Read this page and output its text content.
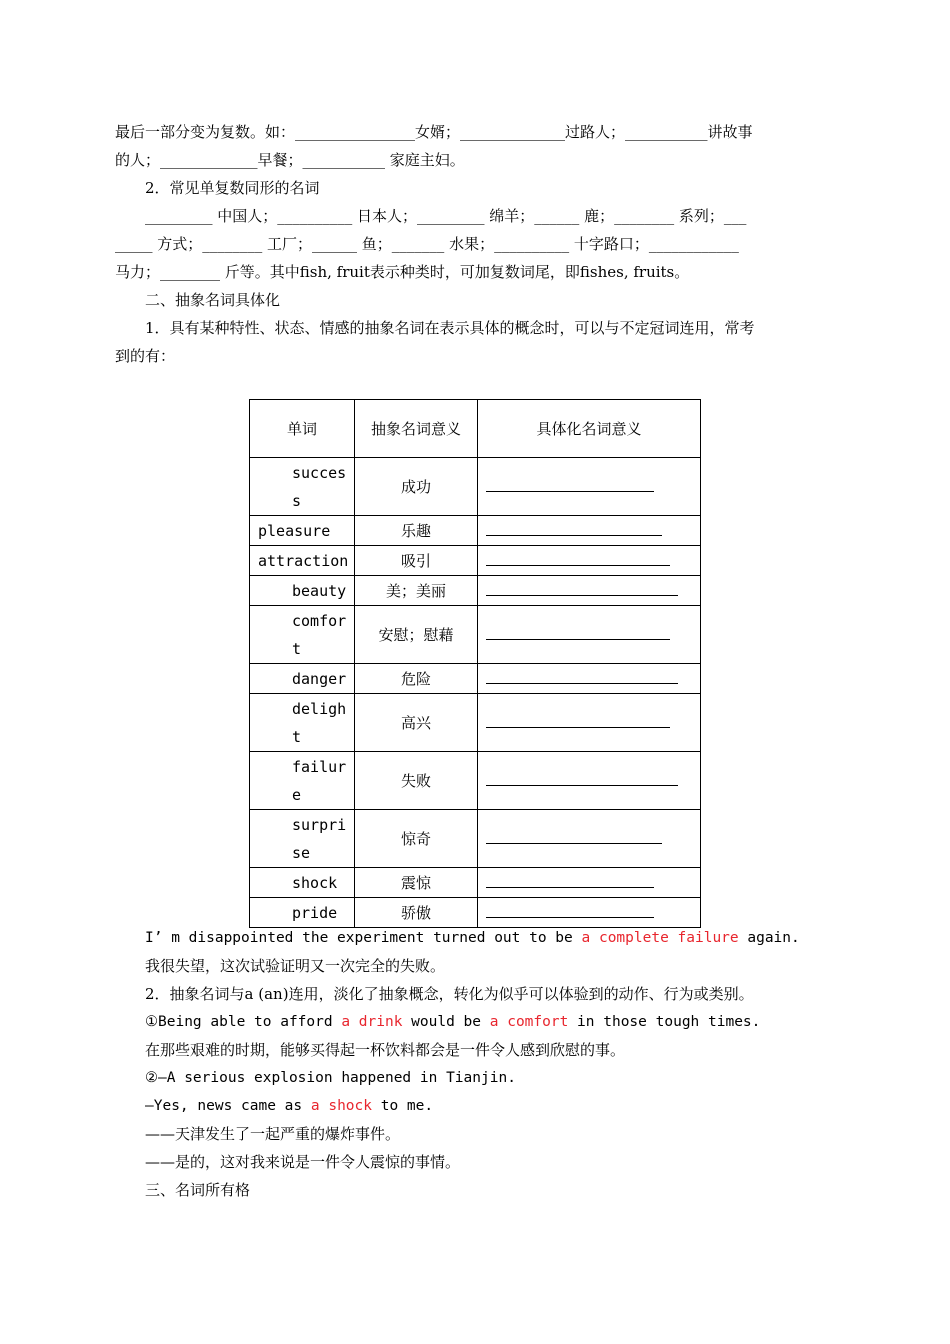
最后一部分变为复数。如：________________女婿；______________过路人；___________讲故事
的人；_____________早餐；___________ 家庭主妇。
2．常见单复数同形的名词
_________ 中国人；__________ 日本人；_________ 绵羊；______ 鹿；________ 系列；___
_____ 方式；________ 工厂；______ 鱼；_______ 水果；__________ 十字路口；____________
马力；________ 斤等。其中fish, fruit表示种类时，可加复数词尾，即fishes, fruits。
二、抽象名词具体化
1．具有某种特性、状态、情感的抽象名词在表示具体的概念时，可以与不定冠词连用，常考
到的有：
单词	抽象名词意义	具体化名词意义
success	成功	
pleasure	乐趣	
attraction	吸引	
beauty	美；美丽	
comfort	安慰；慰藉	
danger	危险	
delight	高兴	
failure	失败	
surprise	惊奇	
shock	震惊	
pride	骄傲	
I’ m disappointed the experiment turned out to be a complete failure again.
我很失望，这次试验证明又一次完全的失败。
2．抽象名词与a (an)连用，淡化了抽象概念，转化为似乎可以体验到的动作、行为或类别。
①Being able to afford a drink would be a comfort in those tough times.
在那些艰难的时期，能够买得起一杯饮料都会是一件令人感到欣慰的事。
②—A serious explosion happened in Tianjin.
—Yes, news came as a shock to me.
——天津发生了一起严重的爆炸事件。
——是的，这对我来说是一件令人震惊的事情。
三、名词所有格
